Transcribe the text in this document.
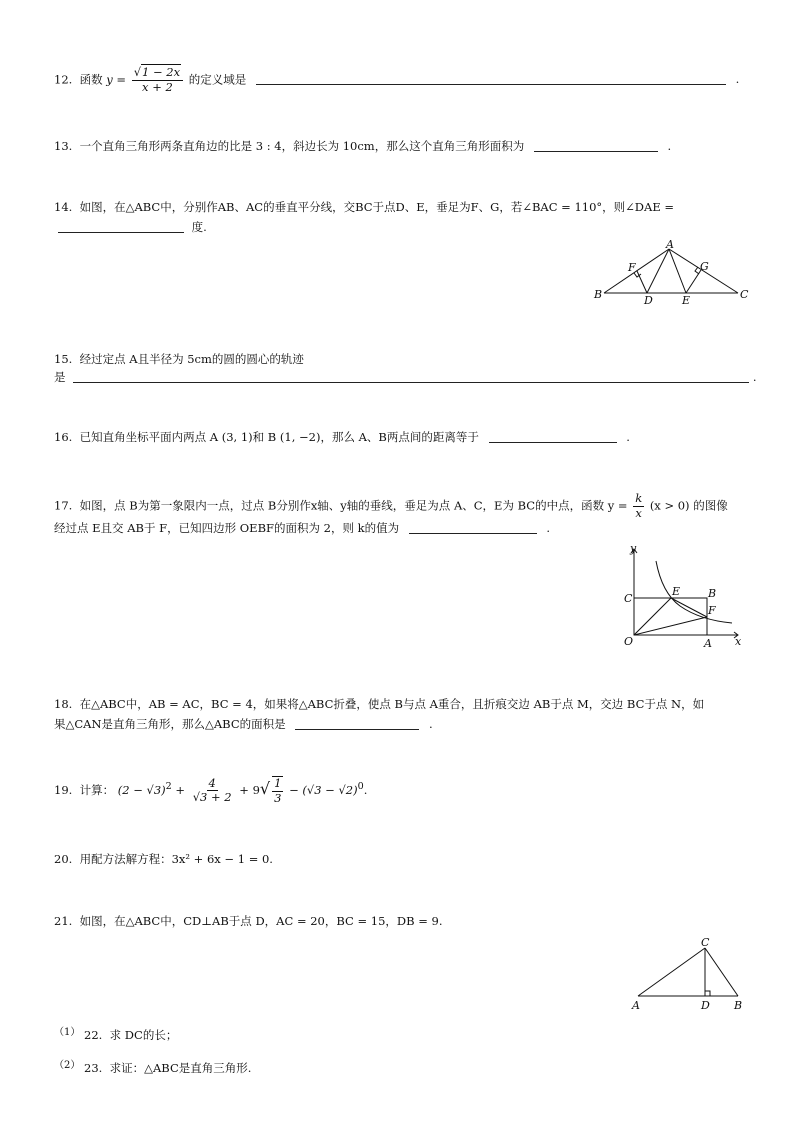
12. 函数 $y = \frac{√1 - 2x}{x + 2}$ 的定义域是	.
13. 一个直角三角形两条直角边的比是 3 : 4，斜边长为 10cm，那么这个直角三角形面积为	.
14. 如图，在△ABC中，分别作AB、AC的垂直平分线，交BC于点D、E，垂足为F、G，若∠BAC = 110°，则∠DAE =
度.
A
B	C
D	E
F	G
15. 经过定点 A且半径为 5cm的圆的圆心的轨迹
是	.
16. 已知直角坐标平面内两点 A (3, 1)和 B (1, −2)，那么 A、B两点间的距离等于	.
17. 如图，点 B为第一象限内一点，过点 B分别作x轴、y轴的垂线，垂足为点 A、C，E为 BC的中点，函数 $y = \frac{k}{x} (x > 0)$ 的图像
经过点 E且交 AB于 F，已知四边形 OEBF的面积为 2，则 k的值为	.
y
x
O	A
B
C
E
F
18. 在△ABC中，AB = AC，BC = 4，如果将△ABC折叠，使点 B与点 A重合，且折痕交边 AB于点 M，交边 BC于点 N，如
果△CAN是直角三角形，那么△ABC的面积是	.
19. 计算： $(2 - √3)^2 + \frac{4}{√3 + 2} + 9√ \frac{1}{3} - (√3 - √2)^0$.
20. 用配方法解方程：3x² + 6x − 1 = 0.
21. 如图，在△ABC中，CD⊥AB于点 D，AC = 20，BC = 15，DB = 9.
C
A	D B
（1） 22. 求 DC的长；
（2） 23. 求证：△ABC是直角三角形.
